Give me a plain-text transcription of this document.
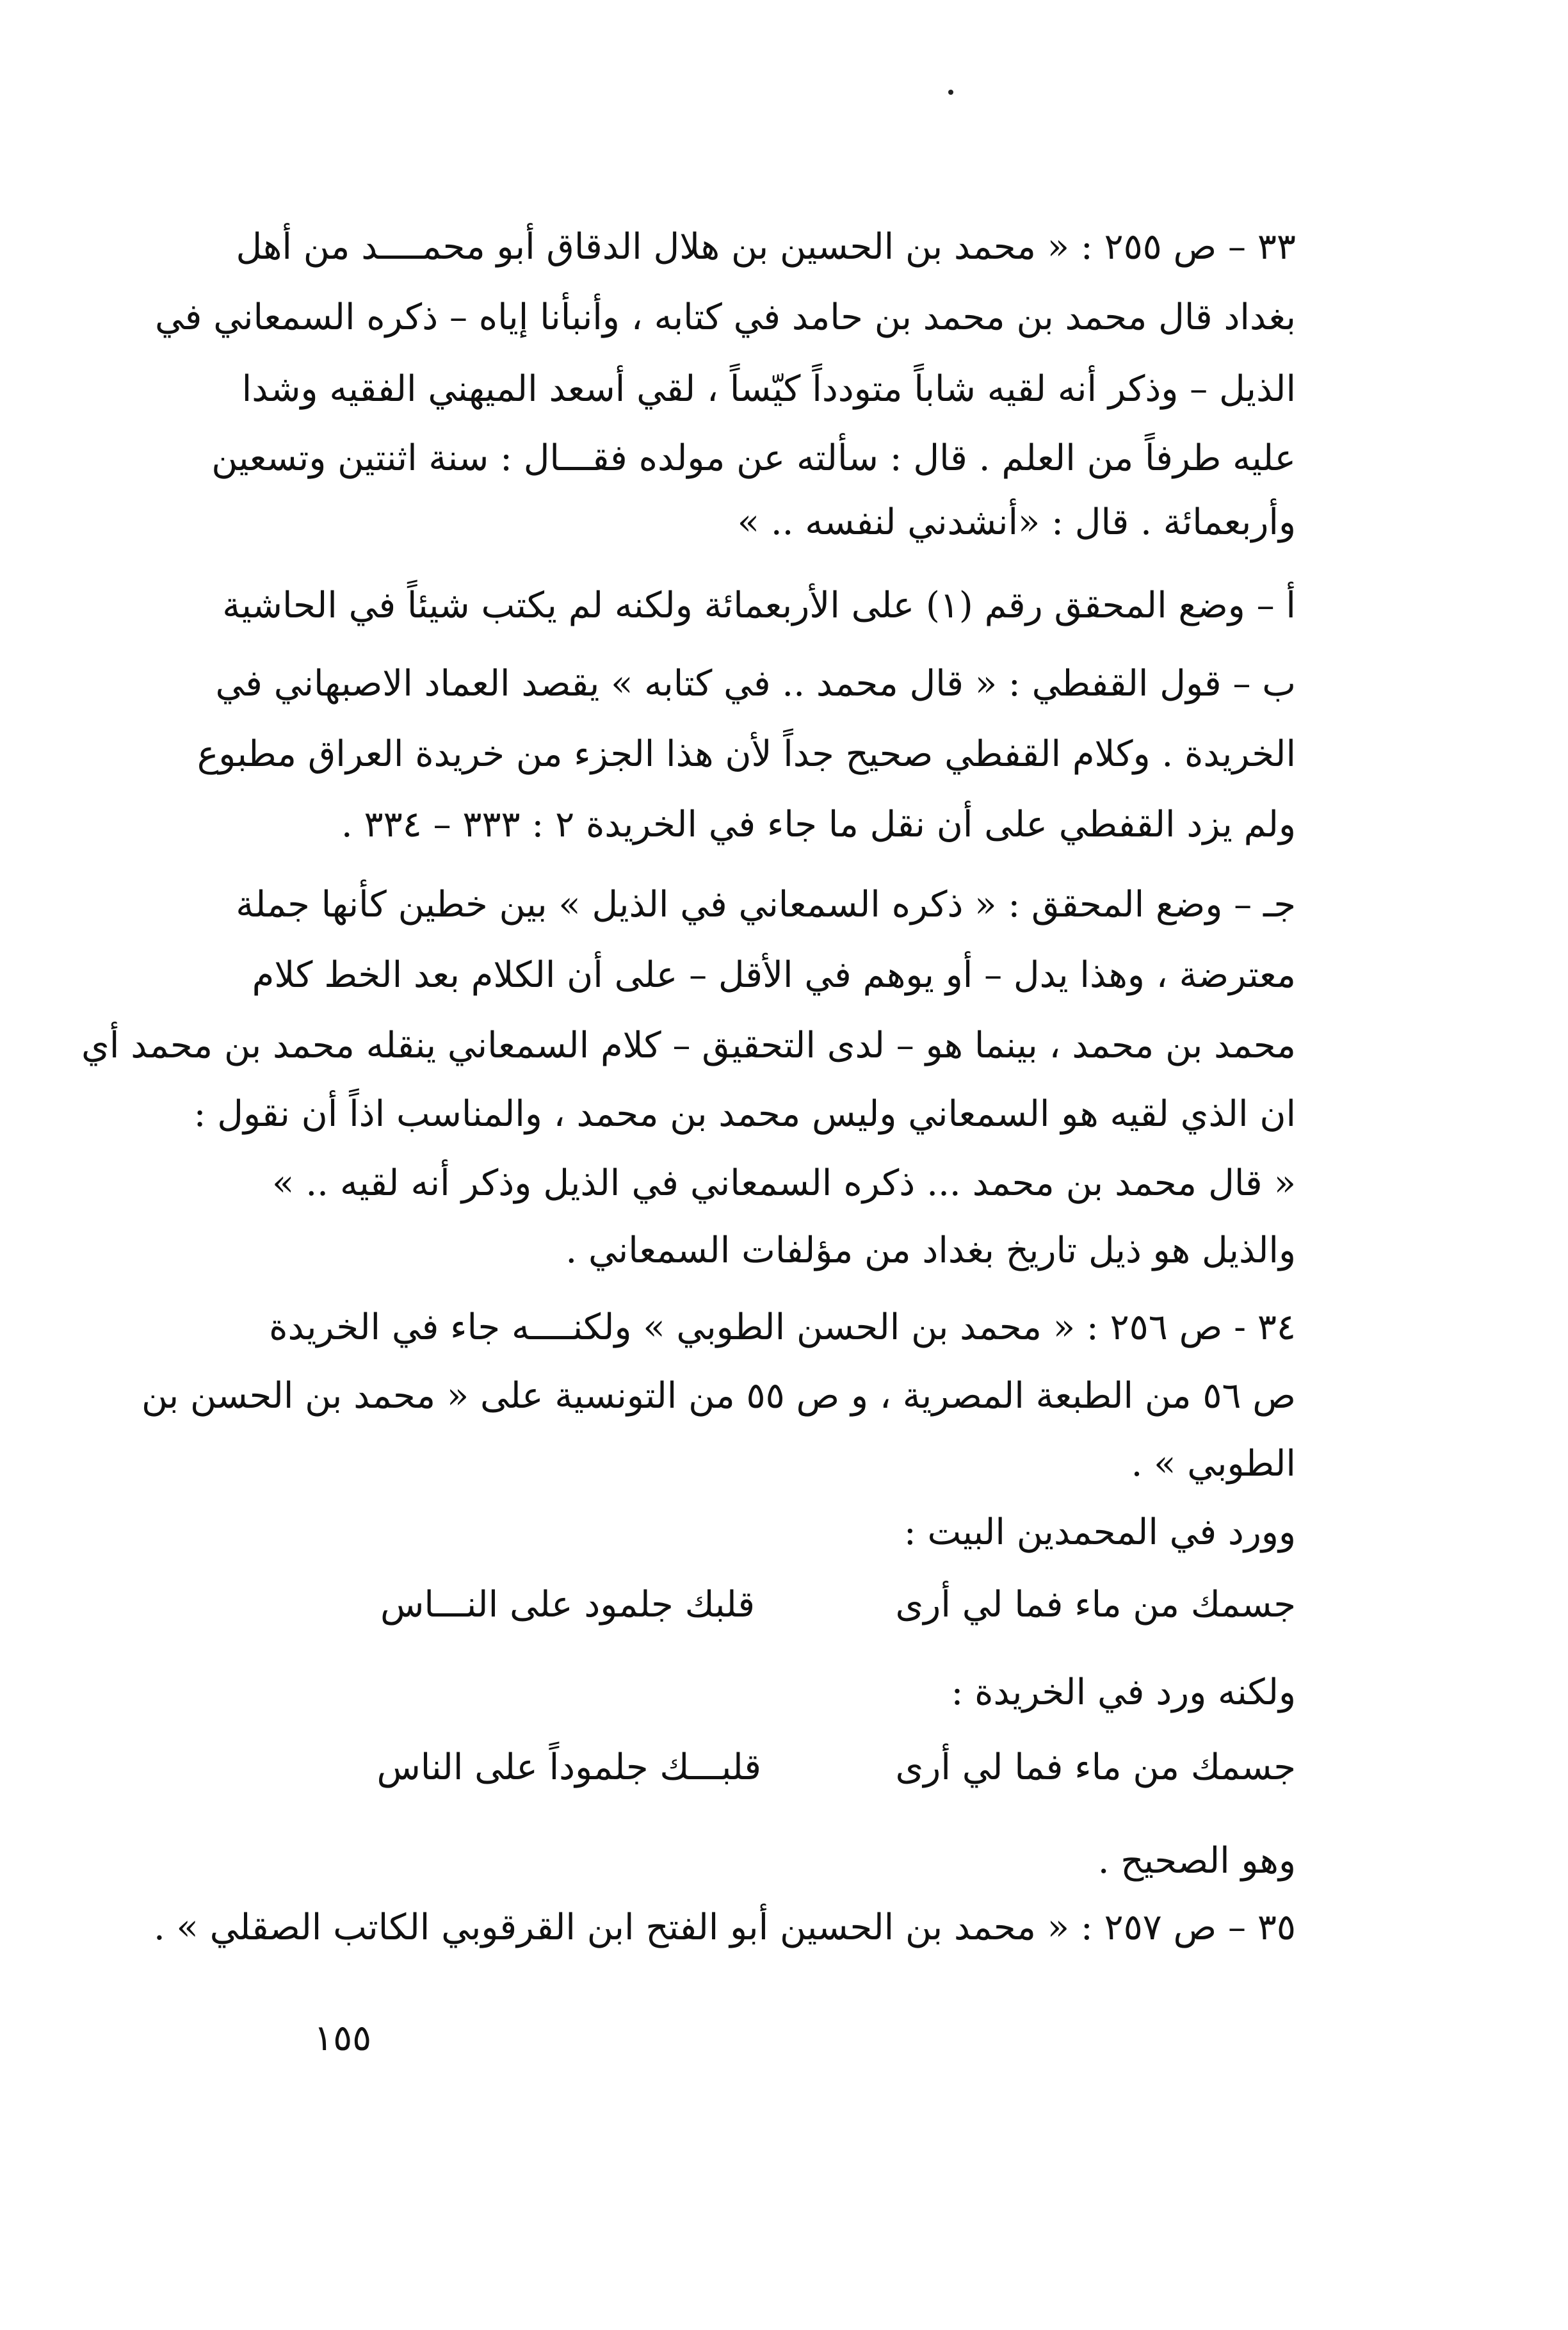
٣٣ – ص ٢٥٥ : « محمد بن الحسين بن هلال الدقاق أبو محمــــد من أهل
بغداد قال محمد بن محمد بن حامد في كتابه ، وأنبأنا إياه – ذكره السمعاني في
الذيل – وذكر أنه لقيه شاباً متودداً كيّساً ، لقي أسعد الميهني الفقيه وشدا
عليه طرفاً من العلم . قال : سألته عن مولده فقـــال : سنة اثنتين وتسعين
وأربعمائة . قال : «أنشدني لنفسه .. »
أ – وضع المحقق رقم (١) على الأربعمائة ولكنه لم يكتب شيئاً في الحاشية
ب – قول القفطي : « قال محمد .. في كتابه » يقصد العماد الاصبهاني في
الخريدة . وكلام القفطي صحيح جداً لأن هذا الجزء من خريدة العراق مطبوع
ولم يزد القفطي على أن نقل ما جاء في الخريدة ٢ : ٣٣٣ – ٣٣٤ .
جـ – وضع المحقق : « ذكره السمعاني في الذيل » بين خطين كأنها جملة
معترضة ، وهذا يدل – أو يوهم في الأقل – على أن الكلام بعد الخط كلام
محمد بن محمد ، بينما هو – لدى التحقيق – كلام السمعاني ينقله محمد بن محمد أي
ان الذي لقيه هو السمعاني وليس محمد بن محمد ، والمناسب اذاً أن نقول :
« قال محمد بن محمد ... ذكره السمعاني في الذيل وذكر أنه لقيه .. »
والذيل هو ذيل تاريخ بغداد من مؤلفات السمعاني .
٣٤ - ص ٢٥٦ : « محمد بن الحسن الطوبي » ولكنــــه جاء في الخريدة
ص ٥٦ من الطبعة المصرية ، و ص ٥٥ من التونسية على « محمد بن الحسن بن
الطوبي » .
وورد في المحمدين البيت :
جسمك من ماء فما لي أرى
قلبك جلمود على النـــاس
ولكنه ورد في الخريدة :
جسمك من ماء فما لي أرى
قلبـــك جلموداً على الناس
وهو الصحيح .
٣٥ – ص ٢٥٧ : « محمد بن الحسين أبو الفتح ابن القرقوبي الكاتب الصقلي » .
١٥٥
